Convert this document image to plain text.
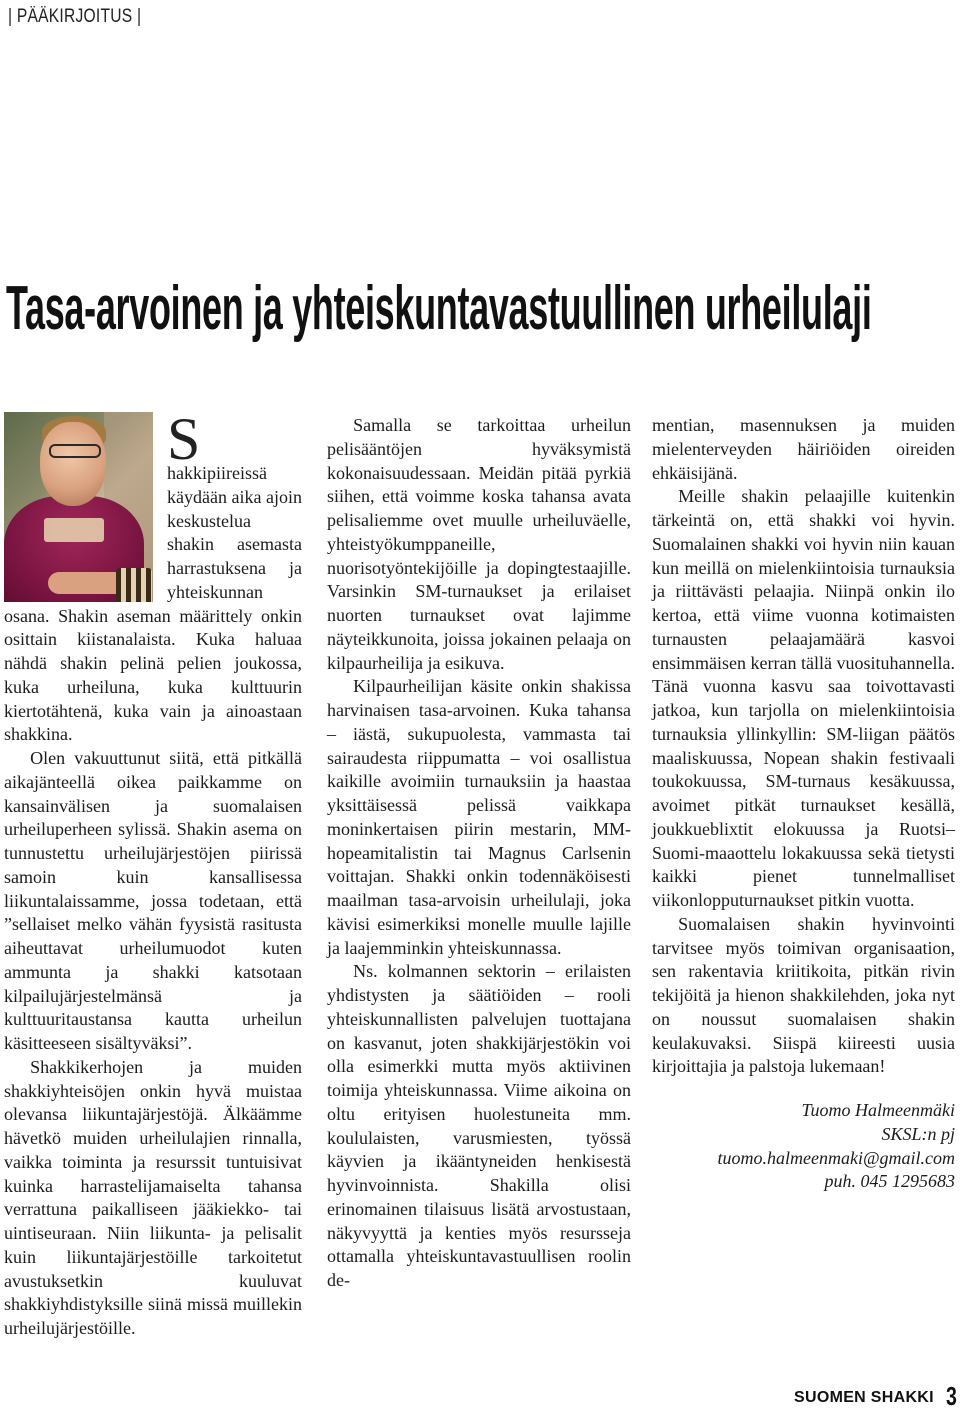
| PÄÄKIRJOITUS |
Tasa-arvoinen ja yhteiskuntavastuullinen urheilulaji

S
hakkipiireissä käydään aika ajoin keskustelua shakin asemasta harrastuksena ja yhteiskunnan osana. Shakin aseman määrittely onkin osittain kiistanalaista. Kuka haluaa nähdä shakin pelinä pelien joukossa, kuka urheiluna, kuka kulttuurin kiertotähtenä, kuka vain ja ainoastaan shakkina.

Olen vakuuttunut siitä, että pitkällä aikajänteellä oikea paikkamme on kansainvälisen ja suomalaisen urheiluperheen sylissä. Shakin asema on tunnustettu urheilujärjestöjen piirissä samoin kuin kansallisessa liikuntalaissamme, jossa todetaan, että ”sellaiset melko vähän fyysistä rasitusta aiheuttavat urheilumuodot kuten ammunta ja shakki katsotaan kilpailujärjestelmänsä ja kulttuuritaustansa kautta urheilun käsitteeseen sisältyväksi”.

Shakkikerhojen ja muiden shakkiyhteisöjen onkin hyvä muistaa olevansa liikuntajärjestöjä. Älkäämme hävetkö muiden urheilulajien rinnalla, vaikka toiminta ja resurssit tuntuisivat kuinka harrastelijamaiselta tahansa verrattuna paikalliseen jääkiekko- tai uintiseuraan. Niin liikunta- ja pelisalit kuin liikuntajärjestöille tarkoitetut avustuksetkin kuuluvat shakkiyhdistyksille siinä missä muillekin urheilujärjestöille.

Samalla se tarkoittaa urheilun pelisääntöjen hyväksymistä kokonaisuudessaan. Meidän pitää pyrkiä siihen, että voimme koska tahansa avata pelisaliemme ovet muulle urheiluväelle, yhteistyökumppaneille, nuorisotyöntekijöille ja dopingtestaajille. Varsinkin SM-turnaukset ja erilaiset nuorten turnaukset ovat lajimme näyteikkunoita, joissa jokainen pelaaja on kilpaurheilija ja esikuva.

Kilpaurheilijan käsite onkin shakissa harvinaisen tasa-arvoinen. Kuka tahansa – iästä, sukupuolesta, vammasta tai sairaudesta riippumatta – voi osallistua kaikille avoimiin turnauksiin ja haastaa yksittäisessä pelissä vaikkapa moninkertaisen piirin mestarin, MM-hopeamitalistin tai Magnus Carlsenin voittajan. Shakki onkin todennäköisesti maailman tasa-arvoisin urheilulaji, joka kävisi esimerkiksi monelle muulle lajille ja laajemminkin yhteiskunnassa.

Ns. kolmannen sektorin – erilaisten yhdistysten ja säätiöiden – rooli yhteiskunnallisten palvelujen tuottajana on kasvanut, joten shakkijärjestökin voi olla esimerkki mutta myös aktiivinen toimija yhteiskunnassa. Viime aikoina on oltu erityisen huolestuneita mm. koululaisten, varusmiesten, työssä käyvien ja ikääntyneiden henkisestä hyvinvoinnista. Shakilla olisi erinomainen tilaisuus lisätä arvostustaan, näkyvyyttä ja kenties myös resursseja ottamalla yhteiskuntavastuullisen roolin de-

mentian, masennuksen ja muiden mielenterveyden häiriöiden oireiden ehkäisijänä.

Meille shakin pelaajille kuitenkin tärkeintä on, että shakki voi hyvin. Suomalainen shakki voi hyvin niin kauan kun meillä on mielenkiintoisia turnauksia ja riittävästi pelaajia. Niinpä onkin ilo kertoa, että viime vuonna kotimaisten turnausten pelaajamäärä kasvoi ensimmäisen kerran tällä vuosituhannella. Tänä vuonna kasvu saa toivottavasti jatkoa, kun tarjolla on mielenkiintoisia turnauksia yllinkyllin: SM-liigan päätös maaliskuussa, Nopean shakin festivaali toukokuussa, SM-turnaus kesäkuussa, avoimet pitkät turnaukset kesällä, joukkueblixtit elokuussa ja Ruotsi–Suomi-maaottelu lokakuussa sekä tietysti kaikki pienet tunnelmalliset viikonlopputurnaukset pitkin vuotta.

Suomalaisen shakin hyvinvointi tarvitsee myös toimivan organisaation, sen rakentavia kriitikoita, pitkän rivin tekijöitä ja hienon shakkilehden, joka nyt on noussut suomalaisen shakin keulakuvaksi. Siispä kiireesti uusia kirjoittajia ja palstoja lukemaan!

Tuomo Halmeenmäki
SKSL:n pj
tuomo.halmeenmaki@gmail.com
puh. 045 1295683
SUOMEN SHAKKI 3
